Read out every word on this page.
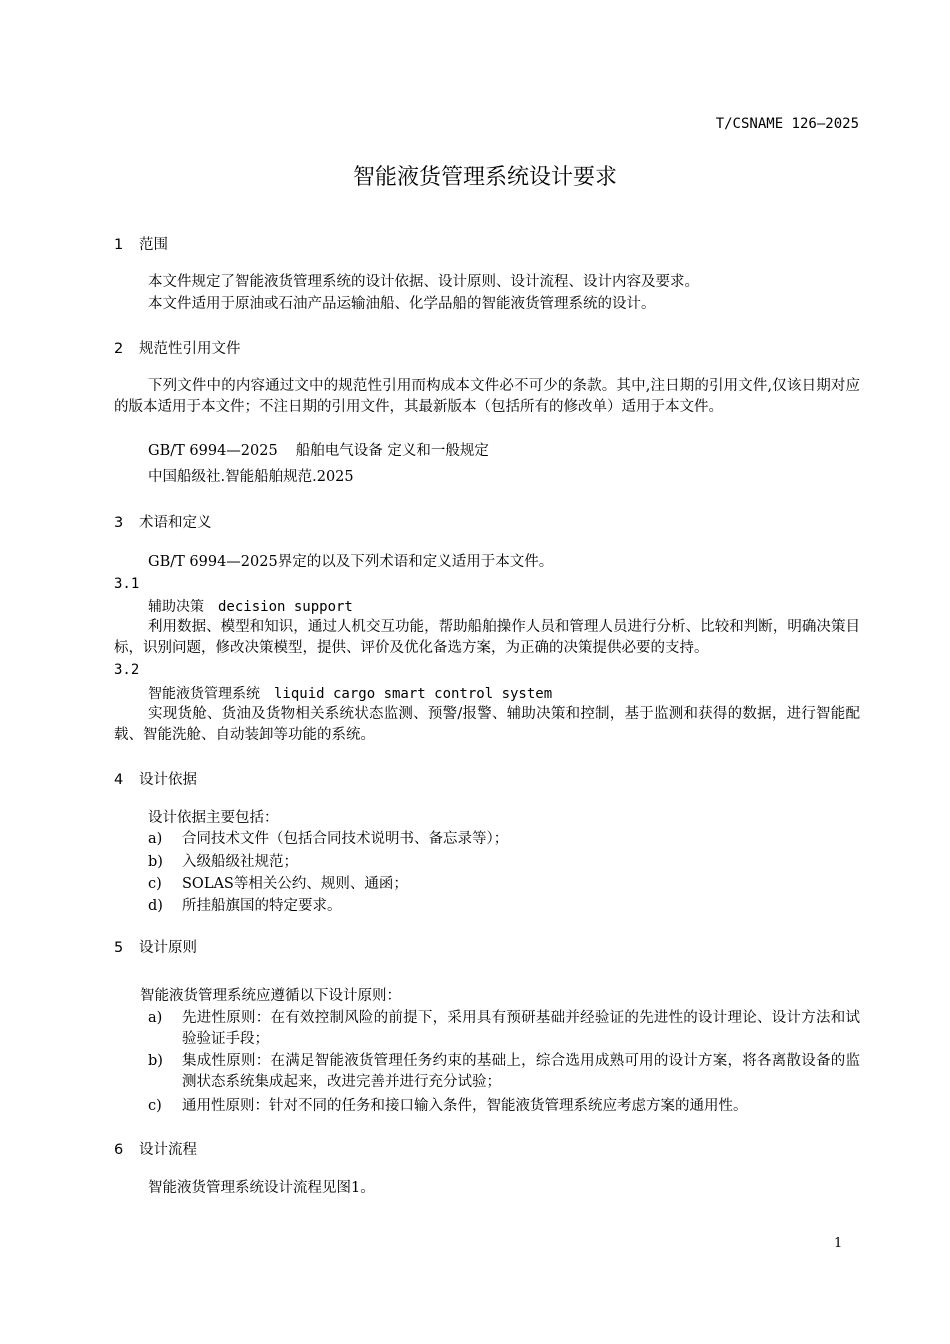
T/CSNAME 126—2025
智能液货管理系统设计要求
1 范围
本文件规定了智能液货管理系统的设计依据、设计原则、设计流程、设计内容及要求。
本文件适用于原油或石油产品运输油船、化学品船的智能液货管理系统的设计。
2 规范性引用文件
下列文件中的内容通过文中的规范性引用而构成本文件必不可少的条款。其中,注日期的引用文件,仅该日期对应的版本适用于本文件；不注日期的引用文件，其最新版本（包括所有的修改单）适用于本文件。
GB/T 6994—2025 船舶电气设备 定义和一般规定
中国船级社.智能船舶规范.2025
3 术语和定义
GB/T 6994—2025界定的以及下列术语和定义适用于本文件。
3.1
辅助决策 decision support
利用数据、模型和知识，通过人机交互功能，帮助船舶操作人员和管理人员进行分析、比较和判断，明确决策目标，识别问题，修改决策模型，提供、评价及优化备选方案，为正确的决策提供必要的支持。
3.2
智能液货管理系统 liquid cargo smart control system
实现货舱、货油及货物相关系统状态监测、预警/报警、辅助决策和控制，基于监测和获得的数据，进行智能配载、智能洗舱、自动装卸等功能的系统。
4 设计依据
设计依据主要包括：
a) 合同技术文件（包括合同技术说明书、备忘录等）；
b) 入级船级社规范；
c) SOLAS等相关公约、规则、通函；
d) 所挂船旗国的特定要求。
5 设计原则
智能液货管理系统应遵循以下设计原则：
a) 先进性原则：在有效控制风险的前提下，采用具有预研基础并经验证的先进性的设计理论、设计方法和试验验证手段；
b) 集成性原则：在满足智能液货管理任务约束的基础上，综合选用成熟可用的设计方案，将各离散设备的监测状态系统集成起来，改进完善并进行充分试验；
c) 通用性原则：针对不同的任务和接口输入条件，智能液货管理系统应考虑方案的通用性。
6 设计流程
智能液货管理系统设计流程见图1。
1
